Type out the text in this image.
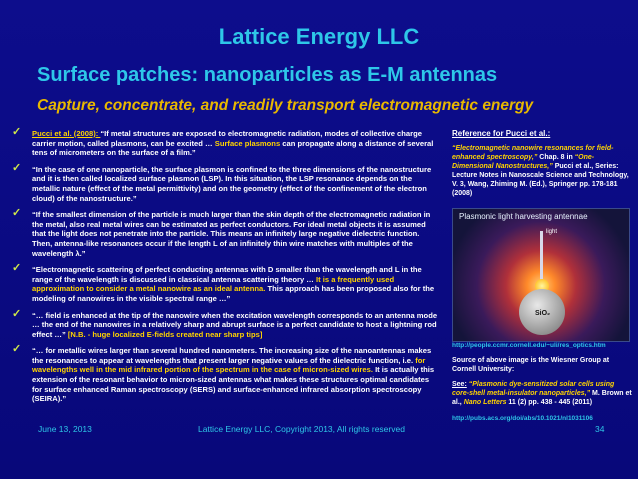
Lattice Energy LLC
Surface patches: nanoparticles as E-M antennas
Capture, concentrate, and readily transport electromagnetic energy
✓ Pucci et al. (2008): “If metal structures are exposed to electromagnetic radiation, modes of collective charge carrier motion, called plasmons, can be excited … Surface plasmons can propagate along a distance of several tens of micrometers on the surface of a film.”
✓ “In the case of one nanoparticle, the surface plasmon is confined to the three dimensions of the nanostructure and it is then called localized surface plasmon (LSP). In this situation, the LSP resonance depends on the metallic nature (effect of the metal permittivity) and on the geometry (effect of the confinement of the electron cloud) of the nanostructure.”
✓ “If the smallest dimension of the particle is much larger than the skin depth of the electromagnetic radiation in the metal, also real metal wires can be estimated as perfect conductors. For ideal metal objects it is assumed that the light does not penetrate into the particle. This means an infinitely large negative dielectric function. Then, antenna-like resonances occur if the length L of an infinitely thin wire matches with multiples of the wavelength λ.”
✓ “Electromagnetic scattering of perfect conducting antennas with D smaller than the wavelength and L in the range of the wavelength is discussed in classical antenna scattering theory … It is a frequently used approximation to consider a metal nanowire as an ideal antenna. This approach has been proposed also for the modeling of nanowires in the visible spectral range …”
✓ “… field is enhanced at the tip of the nanowire when the excitation wavelength corresponds to an antenna mode … the end of the nanowires in a relatively sharp and abrupt surface is a perfect candidate to host a lightning rod effect …” [N.B. - huge localized E-fields created near sharp tips]
✓ “… for metallic wires larger than several hundred nanometers. The increasing size of the nanoantennas makes the resonances to appear at wavelengths that present larger negative values of the dielectric function, i.e. for wavelengths well in the mid infrared portion of the spectrum in the case of micron-sized wires. It is actually this extension of the resonant behavior to micron-sized antennas what makes these structures optimal candidates for surface enhanced Raman spectroscopy (SERS) and surface-enhanced infrared absorption spectroscopy (SEIRA).”
Reference for Pucci et al.:
“Electromagnetic nanowire resonances for field-enhanced spectroscopy,” Chap. 8 in “One-Dimensional Nanostructures,” Pucci et al., Series: Lecture Notes in Nanoscale Science and Technology, V. 3, Wang, Zhiming M. (Ed.), Springer pp. 178-181 (2008)
Plasmonic light harvesting antennae
light
SiO₂
http://people.ccmr.cornell.edu/~uli/res_optics.htm
Source of above image is the Wiesner Group at Cornell University:
See: “Plasmonic dye-sensitized solar cells using core-shell metal-insulator nanoparticles,” M. Brown et al., Nano Letters 11 (2) pp. 438 - 445 (2011)
http://pubs.acs.org/doi/abs/10.1021/nl1031106
June 13, 2013	Lattice Energy LLC, Copyright 2013, All rights reserved	34
